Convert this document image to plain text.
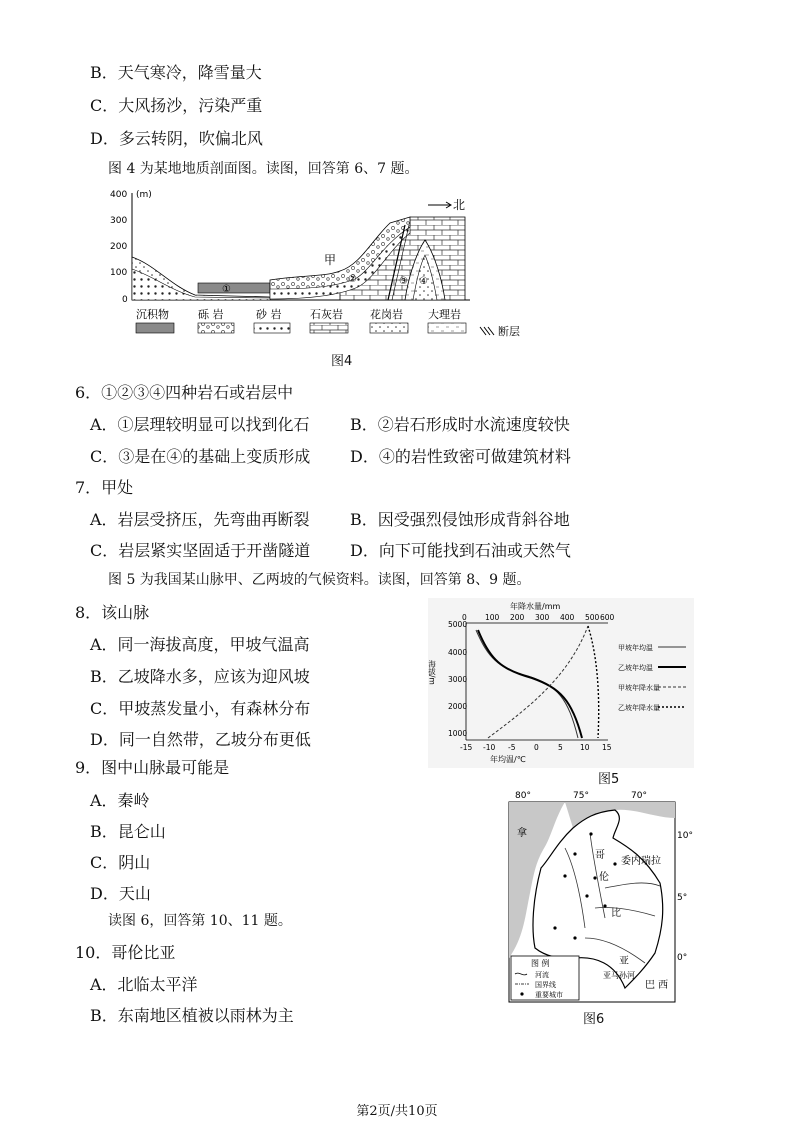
B．天气寒冷，降雪量大
C．大风扬沙，污染严重
D．多云转阴，吹偏北风
图 4 为某地地质剖面图。读图，回答第 6、7 题。
400 (m)
300
200
100
0
①
②	③ ④
甲
北
沉积物	砾 岩	砂 岩	石灰岩 花岗岩 大理岩
断层
图4
6．①②③④四种岩石或岩层中
A．①层理较明显可以找到化石	B．②岩石形成时水流速度较快
C．③是在④的基础上变质形成 D．④的岩性致密可做建筑材料
7．甲处
A．岩层受挤压，先弯曲再断裂	B．因受强烈侵蚀形成背斜谷地
C．岩层紧实坚固适于开凿隧道 D．向下可能找到石油或天然气
图 5 为我国某山脉甲、乙两坡的气候资料。读图，回答第 8、9 题。
8．该山脉
A．同一海拔高度，甲坡气温高
B．乙坡降水多，应该为迎风坡
C．甲坡蒸发量小，有森林分布
D．同一自然带，乙坡分布更低
9．图中山脉最可能是
A．秦岭
B．昆仑山
C．阴山
D．天山
读图 6，回答第 10、11 题。
10．哥伦比亚
A．北临太平洋
B．东南地区植被以雨林为主
年降水量/mm
0 100 200 300 400 500 600
5000
4000
3000
2000
1000
海拔/m
-15 -10 -5 0	5 10 15
年均温/℃
甲坡年均温
乙坡年均温
甲坡年降水量
乙坡年降水量
图5
80°	75°	70°
10°
5°
0°
拿
哥
伦
比
亚
委内瑞拉
亚马孙河
巴 西
图 例
河流
国界线
重要城市
图6
第2页/共10页
